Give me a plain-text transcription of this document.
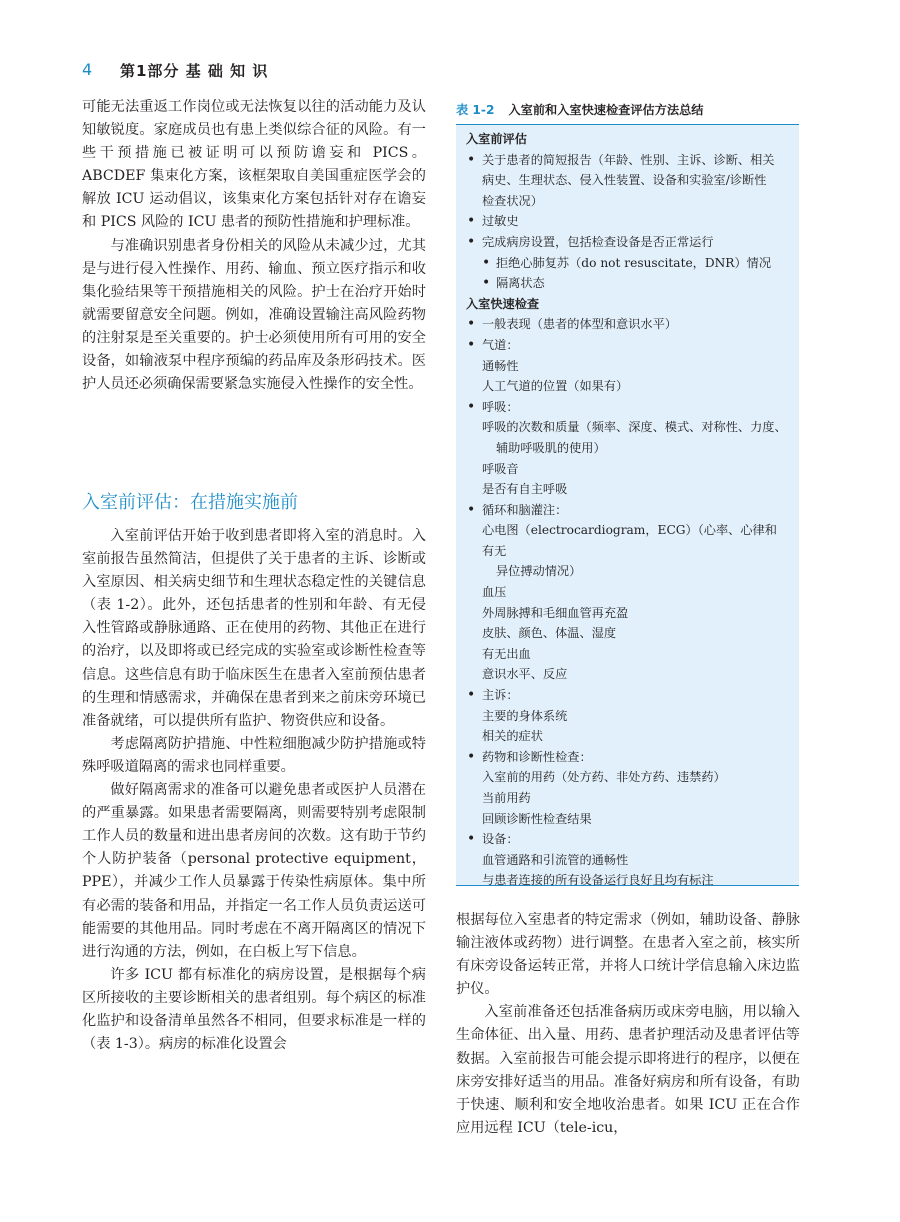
4 第1部分 基 础 知 识

可能无法重返工作岗位或无法恢复以往的活动能力及认知敏锐度。家庭成员也有患上类似综合征的风险。有一些干预措施已被证明可以预防谵妄和 PICS。ABCDEF 集束化方案，该框架取自美国重症医学会的解放 ICU 运动倡议，该集束化方案包括针对存在谵妄和 PICS 风险的 ICU 患者的预防性措施和护理标准。

与准确识别患者身份相关的风险从未减少过，尤其是与进行侵入性操作、用药、输血、预立医疗指示和收集化验结果等干预措施相关的风险。护士在治疗开始时就需要留意安全问题。例如，准确设置输注高风险药物的注射泵是至关重要的。护士必须使用所有可用的安全设备，如输液泵中程序预编的药品库及条形码技术。医护人员还必须确保需要紧急实施侵入性操作的安全性。

入室前评估：在措施实施前

入室前评估开始于收到患者即将入室的消息时。入室前报告虽然简洁，但提供了关于患者的主诉、诊断或入室原因、相关病史细节和生理状态稳定性的关键信息（表 1-2）。此外，还包括患者的性别和年龄、有无侵入性管路或静脉通路、正在使用的药物、其他正在进行的治疗，以及即将或已经完成的实验室或诊断性检查等信息。这些信息有助于临床医生在患者入室前预估患者的生理和情感需求，并确保在患者到来之前床旁环境已准备就绪，可以提供所有监护、物资供应和设备。

考虑隔离防护措施、中性粒细胞减少防护措施或特殊呼吸道隔离的需求也同样重要。

做好隔离需求的准备可以避免患者或医护人员潜在的严重暴露。如果患者需要隔离，则需要特别考虑限制工作人员的数量和进出患者房间的次数。这有助于节约个人防护装备（personal protective equipment，PPE），并减少工作人员暴露于传染性病原体。集中所有必需的装备和用品，并指定一名工作人员负责运送可能需要的其他用品。同时考虑在不离开隔离区的情况下进行沟通的方法，例如，在白板上写下信息。

许多 ICU 都有标准化的病房设置，是根据每个病区所接收的主要诊断相关的患者组别。每个病区的标准化监护和设备清单虽然各不相同，但要求标准是一样的（表 1-3）。病房的标准化设置会

表 1-2 入室前和入室快速检查评估方法总结
入室前评估
• 关于患者的简短报告（年龄、性别、主诉、诊断、相关
病史、生理状态、侵入性装置、设备和实验室/诊断性
检查状况）
• 过敏史
• 完成病房设置，包括检查设备是否正常运行
• 拒绝心肺复苏（do not resuscitate，DNR）情况
• 隔离状态
入室快速检查
• 一般表现（患者的体型和意识水平）
• 气道：
通畅性
人工气道的位置（如果有）
• 呼吸：
呼吸的次数和质量（频率、深度、模式、对称性、力度、
辅助呼吸肌的使用）
呼吸音
是否有自主呼吸
• 循环和脑灌注：
心电图（electrocardiogram，ECG）（心率、心律和有无
异位搏动情况）
血压
外周脉搏和毛细血管再充盈
皮肤、颜色、体温、湿度
有无出血
意识水平、反应
• 主诉：
主要的身体系统
相关的症状
• 药物和诊断性检查：
入室前的用药（处方药、非处方药、违禁药）
当前用药
回顾诊断性检查结果
• 设备：
血管通路和引流管的通畅性
与患者连接的所有设备运行良好且均有标注

根据每位入室患者的特定需求（例如，辅助设备、静脉输注液体或药物）进行调整。在患者入室之前，核实所有床旁设备运转正常，并将人口统计学信息输入床边监护仪。

入室前准备还包括准备病历或床旁电脑，用以输入生命体征、出入量、用药、患者护理活动及患者评估等数据。入室前报告可能会提示即将进行的程序，以便在床旁安排好适当的用品。准备好病房和所有设备，有助于快速、顺利和安全地收治患者。如果 ICU 正在合作应用远程 ICU（tele-icu，
